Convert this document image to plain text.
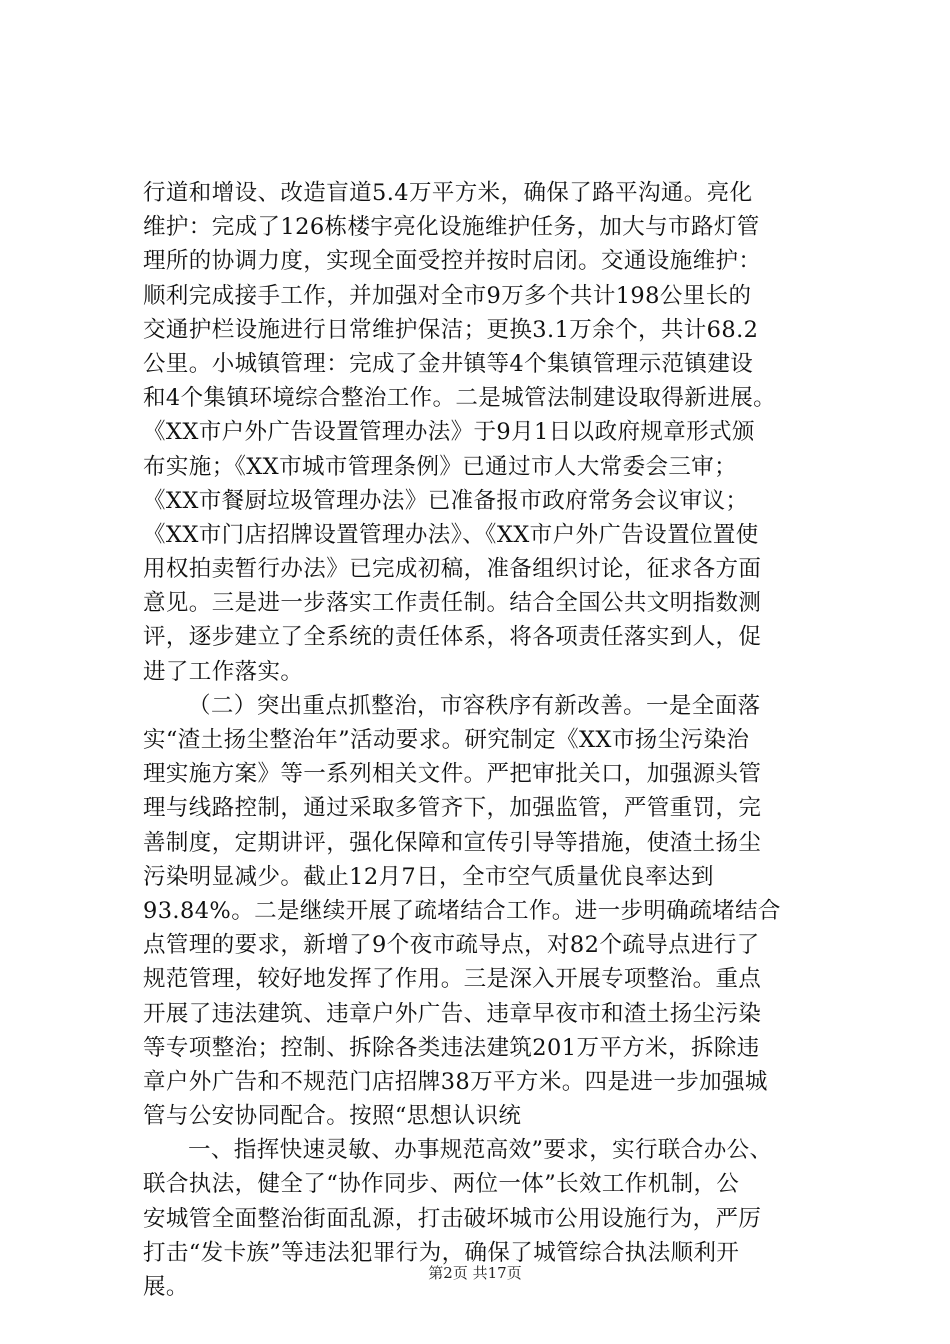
行道和增设、改造盲道5.4万平方米，确保了路平沟通。亮化
维护：完成了126栋楼宇亮化设施维护任务，加大与市路灯管
理所的协调力度，实现全面受控并按时启闭。交通设施维护：
顺利完成接手工作，并加强对全市9万多个共计198公里长的
交通护栏设施进行日常维护保洁；更换3.1万余个，共计68.2
公里。小城镇管理：完成了金井镇等4个集镇管理示范镇建设
和4个集镇环境综合整治工作。二是城管法制建设取得新进展。
《XX市户外广告设置管理办法》于9月1日以政府规章形式颁
布实施；《XX市城市管理条例》已通过市人大常委会三审；
《XX市餐厨垃圾管理办法》已准备报市政府常务会议审议；
《XX市门店招牌设置管理办法》、《XX市户外广告设置位置使
用权拍卖暂行办法》已完成初稿，准备组织讨论，征求各方面
意见。三是进一步落实工作责任制。结合全国公共文明指数测
评，逐步建立了全系统的责任体系，将各项责任落实到人，促
进了工作落实。
（二）突出重点抓整治，市容秩序有新改善。一是全面落
实“渣土扬尘整治年”活动要求。研究制定《XX市扬尘污染治
理实施方案》等一系列相关文件。严把审批关口，加强源头管
理与线路控制，通过采取多管齐下，加强监管，严管重罚，完
善制度，定期讲评，强化保障和宣传引导等措施，使渣土扬尘
污染明显减少。截止12月7日，全市空气质量优良率达到
93.84%。二是继续开展了疏堵结合工作。进一步明确疏堵结合
点管理的要求，新增了9个夜市疏导点，对82个疏导点进行了
规范管理，较好地发挥了作用。三是深入开展专项整治。重点
开展了违法建筑、违章户外广告、违章早夜市和渣土扬尘污染
等专项整治；控制、拆除各类违法建筑201万平方米，拆除违
章户外广告和不规范门店招牌38万平方米。四是进一步加强城
管与公安协同配合。按照“思想认识统
一、指挥快速灵敏、办事规范高效”要求，实行联合办公、
联合执法，健全了“协作同步、两位一体”长效工作机制，公
安城管全面整治街面乱源，打击破坏城市公用设施行为，严厉
打击“发卡族”等违法犯罪行为，确保了城管综合执法顺利开
展。
第2页 共17页
